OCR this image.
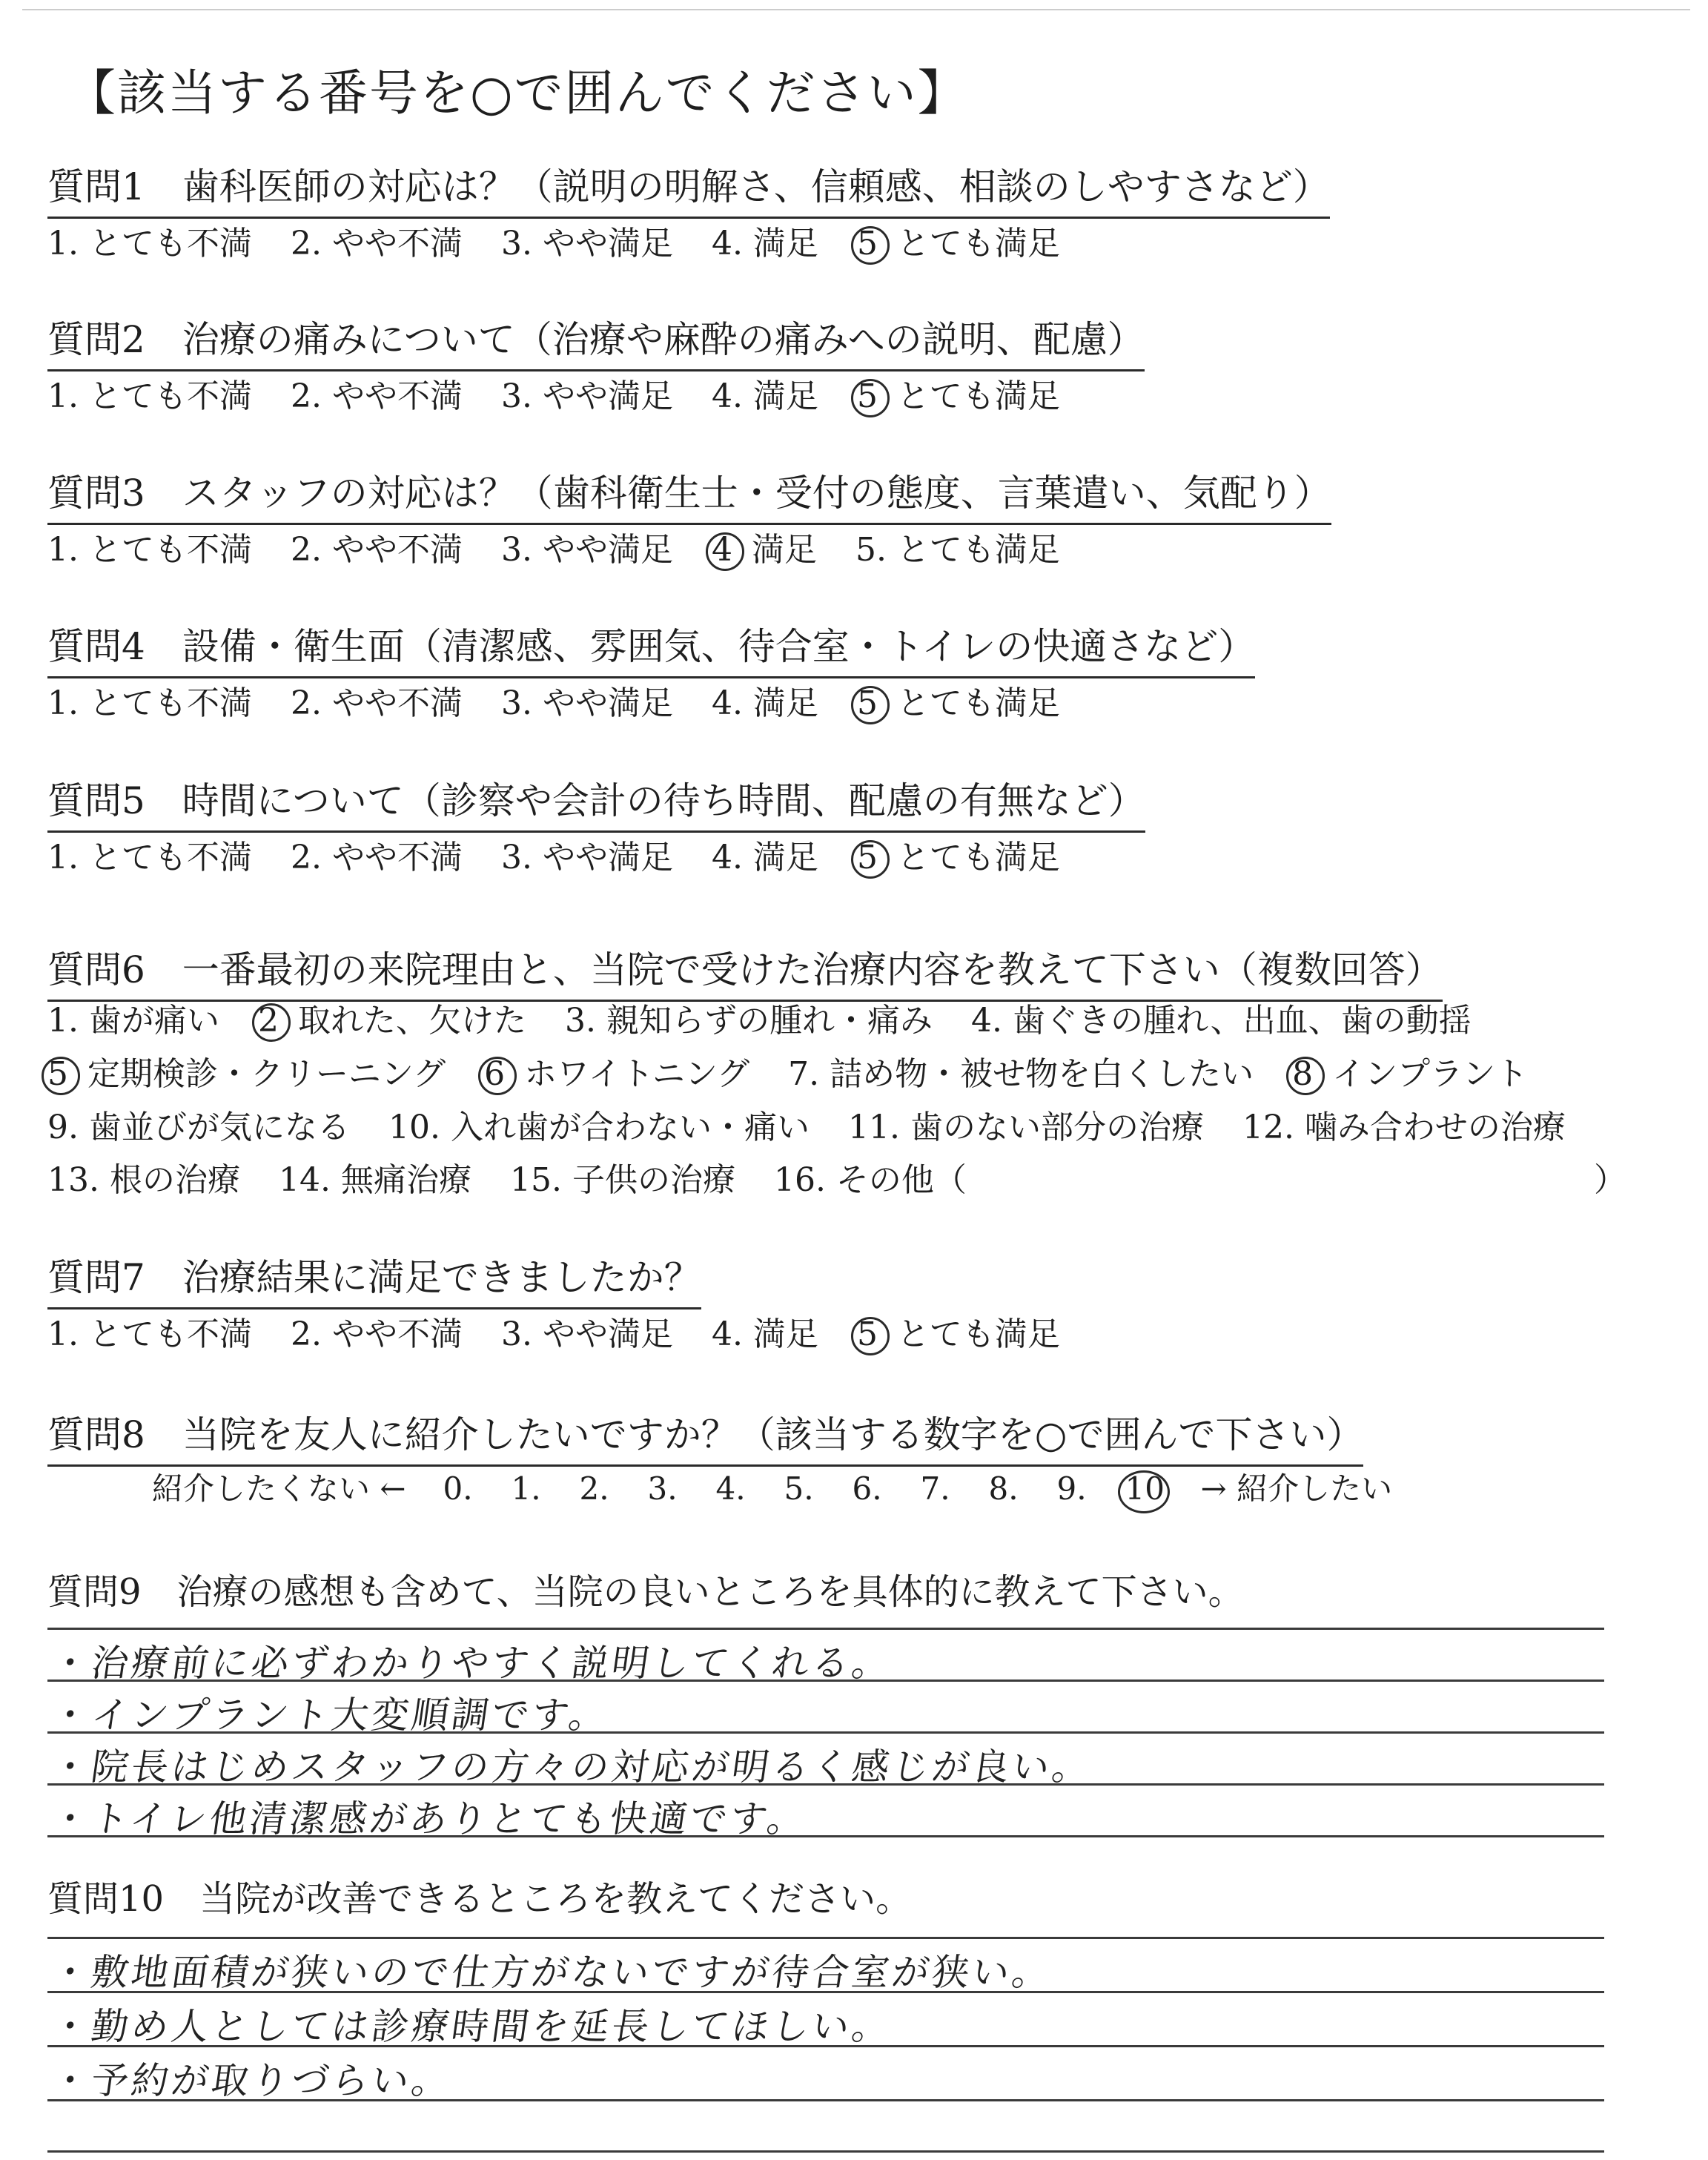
【該当する番号を○で囲んでください】
質問1　歯科医師の対応は？（説明の明解さ、信頼感、相談のしやすさなど）
1. とても不満 2. やや不満 3. やや満足 4. 満足 5 とても満足
質問2　治療の痛みについて（治療や麻酔の痛みへの説明、配慮）
1. とても不満 2. やや不満 3. やや満足 4. 満足 5 とても満足
質問3　スタッフの対応は？（歯科衛生士・受付の態度、言葉遣い、気配り）
1. とても不満 2. やや不満 3. やや満足 4 満足 5. とても満足
質問4　設備・衛生面（清潔感、雰囲気、待合室・トイレの快適さなど）
1. とても不満 2. やや不満 3. やや満足 4. 満足 5 とても満足
質問5　時間について（診察や会計の待ち時間、配慮の有無など）
1. とても不満 2. やや不満 3. やや満足 4. 満足 5 とても満足
質問6　一番最初の来院理由と、当院で受けた治療内容を教えて下さい（複数回答）
1. 歯が痛い 2 取れた、欠けた 3. 親知らずの腫れ・痛み 4. 歯ぐきの腫れ、出血、歯の動揺
5 定期検診・クリーニング 6 ホワイトニング 7. 詰め物・被せ物を白くしたい 8 インプラント
9. 歯並びが気になる 10. 入れ歯が合わない・痛い 11. 歯のない部分の治療 12. 噛み合わせの治療
13. 根の治療 14. 無痛治療 15. 子供の治療 16. その他（	）
質問7　治療結果に満足できましたか？
1. とても不満 2. やや不満 3. やや満足 4. 満足 5 とても満足
質問8　当院を友人に紹介したいですか？（該当する数字を○で囲んで下さい）
紹介したくない ← 0. 1. 2. 3. 4. 5. 6. 7. 8. 9. 10 → 紹介したい
質問9　治療の感想も含めて、当院の良いところを具体的に教えて下さい。
・治療前に必ずわかりやすく説明してくれる。
・インプラント大変順調です。
・院長はじめスタッフの方々の対応が明るく感じが良い。
・トイレ他清潔感がありとても快適です。
質問10　当院が改善できるところを教えてください。
・敷地面積が狭いので仕方がないですが待合室が狭い。
・勤め人としては診療時間を延長してほしい。
・予約が取りづらい。
